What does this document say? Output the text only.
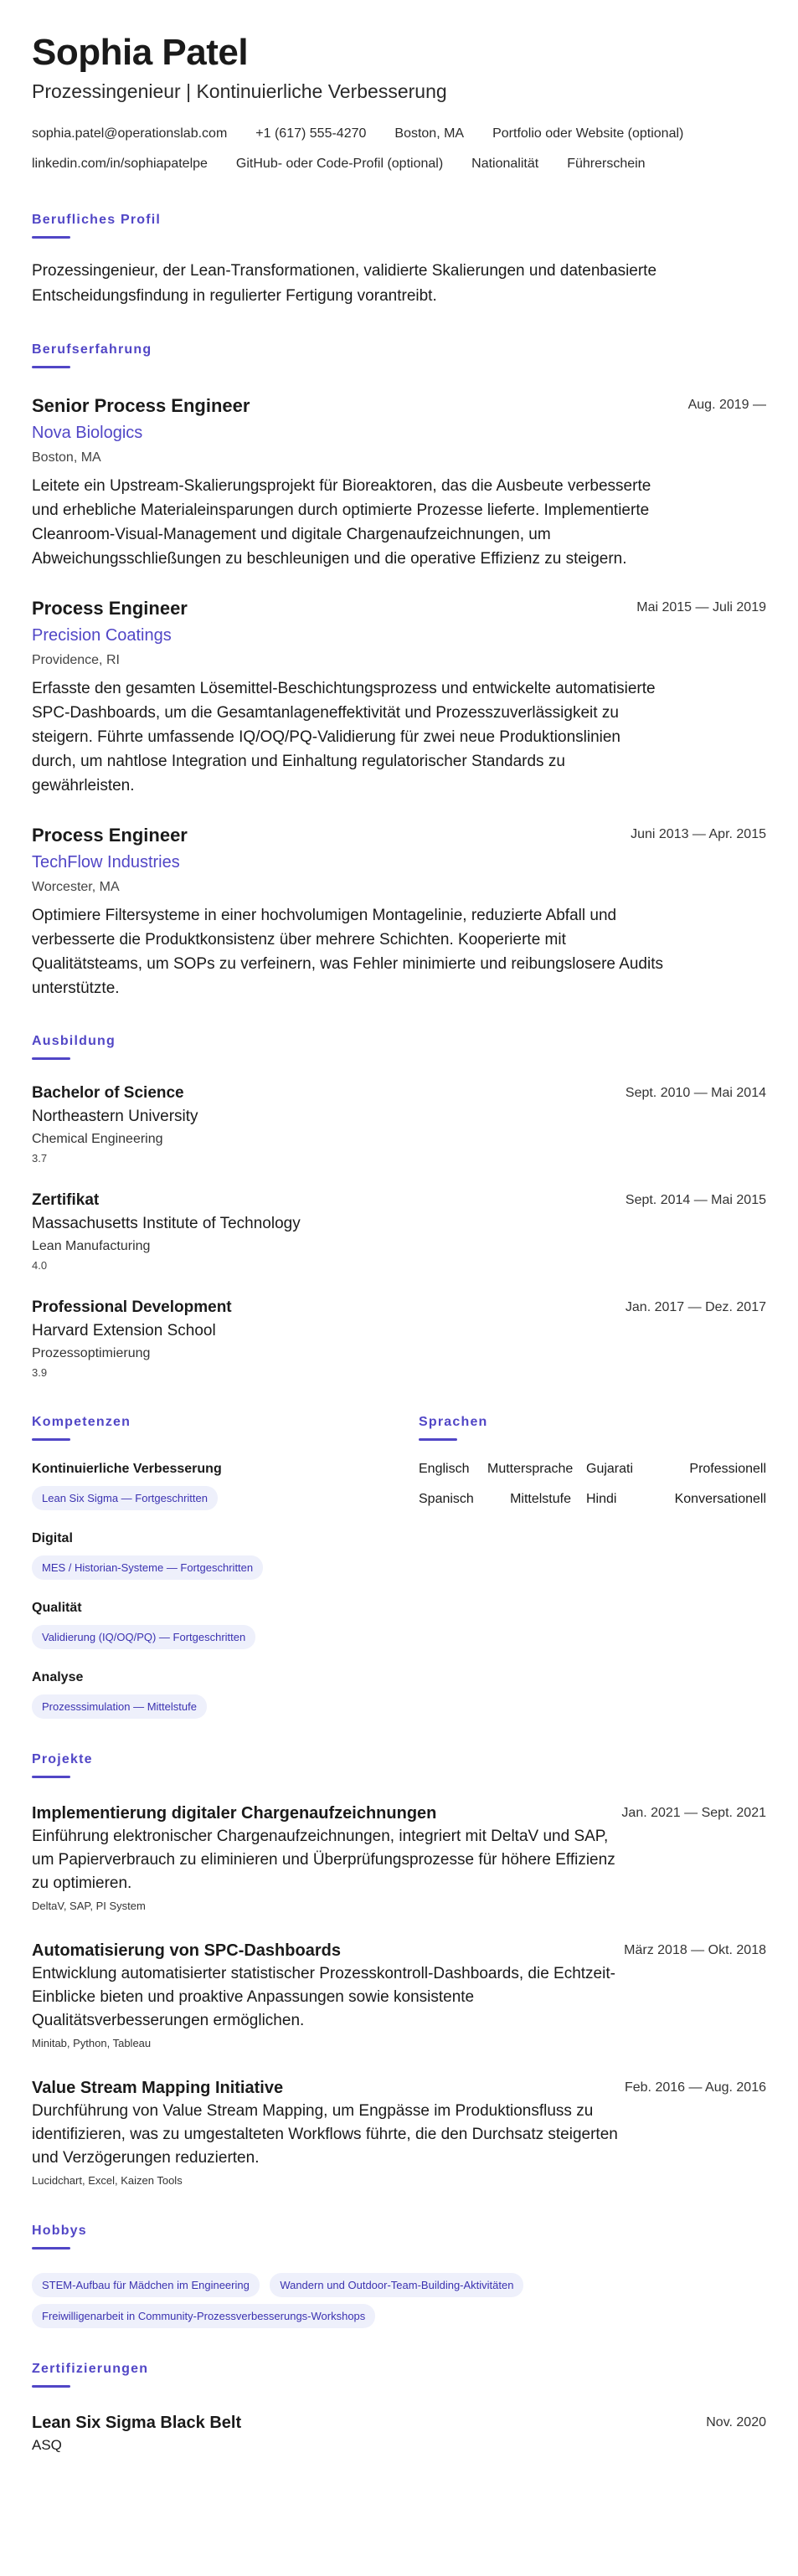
Sophia Patel
Prozessingenieur | Kontinuierliche Verbesserung
sophia.patel@operationslab.com +1 (617) 555-4270 Boston, MA Portfolio oder Website (optional)
linkedin.com/in/sophiapatelpe GitHub- oder Code-Profil (optional) Nationalität Führerschein
Berufliches Profil
Prozessingenieur, der Lean-Transformationen, validierte Skalierungen und datenbasierte Entscheidungsfindung in regulierter Fertigung vorantreibt.
Berufserfahrung
Aug. 2019 —
Senior Process Engineer
Nova Biologics
Boston, MA
Leitete ein Upstream-Skalierungsprojekt für Bioreaktoren, das die Ausbeute verbesserte und erhebliche Materialeinsparungen durch optimierte Prozesse lieferte. Implementierte Cleanroom-Visual-Management und digitale Chargenaufzeichnungen, um Abweichungsschließungen zu beschleunigen und die operative Effizienz zu steigern.
Mai 2015 — Juli 2019
Process Engineer
Precision Coatings
Providence, RI
Erfasste den gesamten Lösemittel-Beschichtungsprozess und entwickelte automatisierte SPC-Dashboards, um die Gesamtanlageneffektivität und Prozesszuverlässigkeit zu steigern. Führte umfassende IQ/OQ/PQ-Validierung für zwei neue Produktionslinien durch, um nahtlose Integration und Einhaltung regulatorischer Standards zu gewährleisten.
Juni 2013 — Apr. 2015
Process Engineer
TechFlow Industries
Worcester, MA
Optimiere Filtersysteme in einer hochvolumigen Montagelinie, reduzierte Abfall und verbesserte die Produktkonsistenz über mehrere Schichten. Kooperierte mit Qualitätsteams, um SOPs zu verfeinern, was Fehler minimierte und reibungslosere Audits unterstützte.
Ausbildung
Sept. 2010 — Mai 2014
Bachelor of Science
Northeastern University
Chemical Engineering
3.7
Sept. 2014 — Mai 2015
Zertifikat
Massachusetts Institute of Technology
Lean Manufacturing
4.0
Jan. 2017 — Dez. 2017
Professional Development
Harvard Extension School
Prozessoptimierung
3.9
Kompetenzen
Kontinuierliche Verbesserung
Lean Six Sigma — Fortgeschritten
Digital
MES / Historian-Systeme — Fortgeschritten
Qualität
Validierung (IQ/OQ/PQ) — Fortgeschritten
Analyse
Prozesssimulation — Mittelstufe
Sprachen
Englisch	Muttersprache Gujarati	Professionell
Spanisch	Mittelstufe	Hindi	Konversationell
Projekte
Jan. 2021 — Sept. 2021
Implementierung digitaler Chargenaufzeichnungen
Einführung elektronischer Chargenaufzeichnungen, integriert mit DeltaV und SAP, um Papierverbrauch zu eliminieren und Überprüfungsprozesse für höhere Effizienz zu optimieren.
DeltaV, SAP, PI System
März 2018 — Okt. 2018
Automatisierung von SPC-Dashboards
Entwicklung automatisierter statistischer Prozesskontroll-Dashboards, die Echtzeit-Einblicke bieten und proaktive Anpassungen sowie konsistente Qualitätsverbesserungen ermöglichen.
Minitab, Python, Tableau
Feb. 2016 — Aug. 2016
Value Stream Mapping Initiative
Durchführung von Value Stream Mapping, um Engpässe im Produktionsfluss zu identifizieren, was zu umgestalteten Workflows führte, die den Durchsatz steigerten und Verzögerungen reduzierten.
Lucidchart, Excel, Kaizen Tools
Hobbys
STEM-Aufbau für Mädchen im Engineering	Wandern und Outdoor-Team-Building-Aktivitäten Freiwilligenarbeit in Community-Prozessverbesserungs-Workshops
Zertifizierungen
Nov. 2020
Lean Six Sigma Black Belt
ASQ
